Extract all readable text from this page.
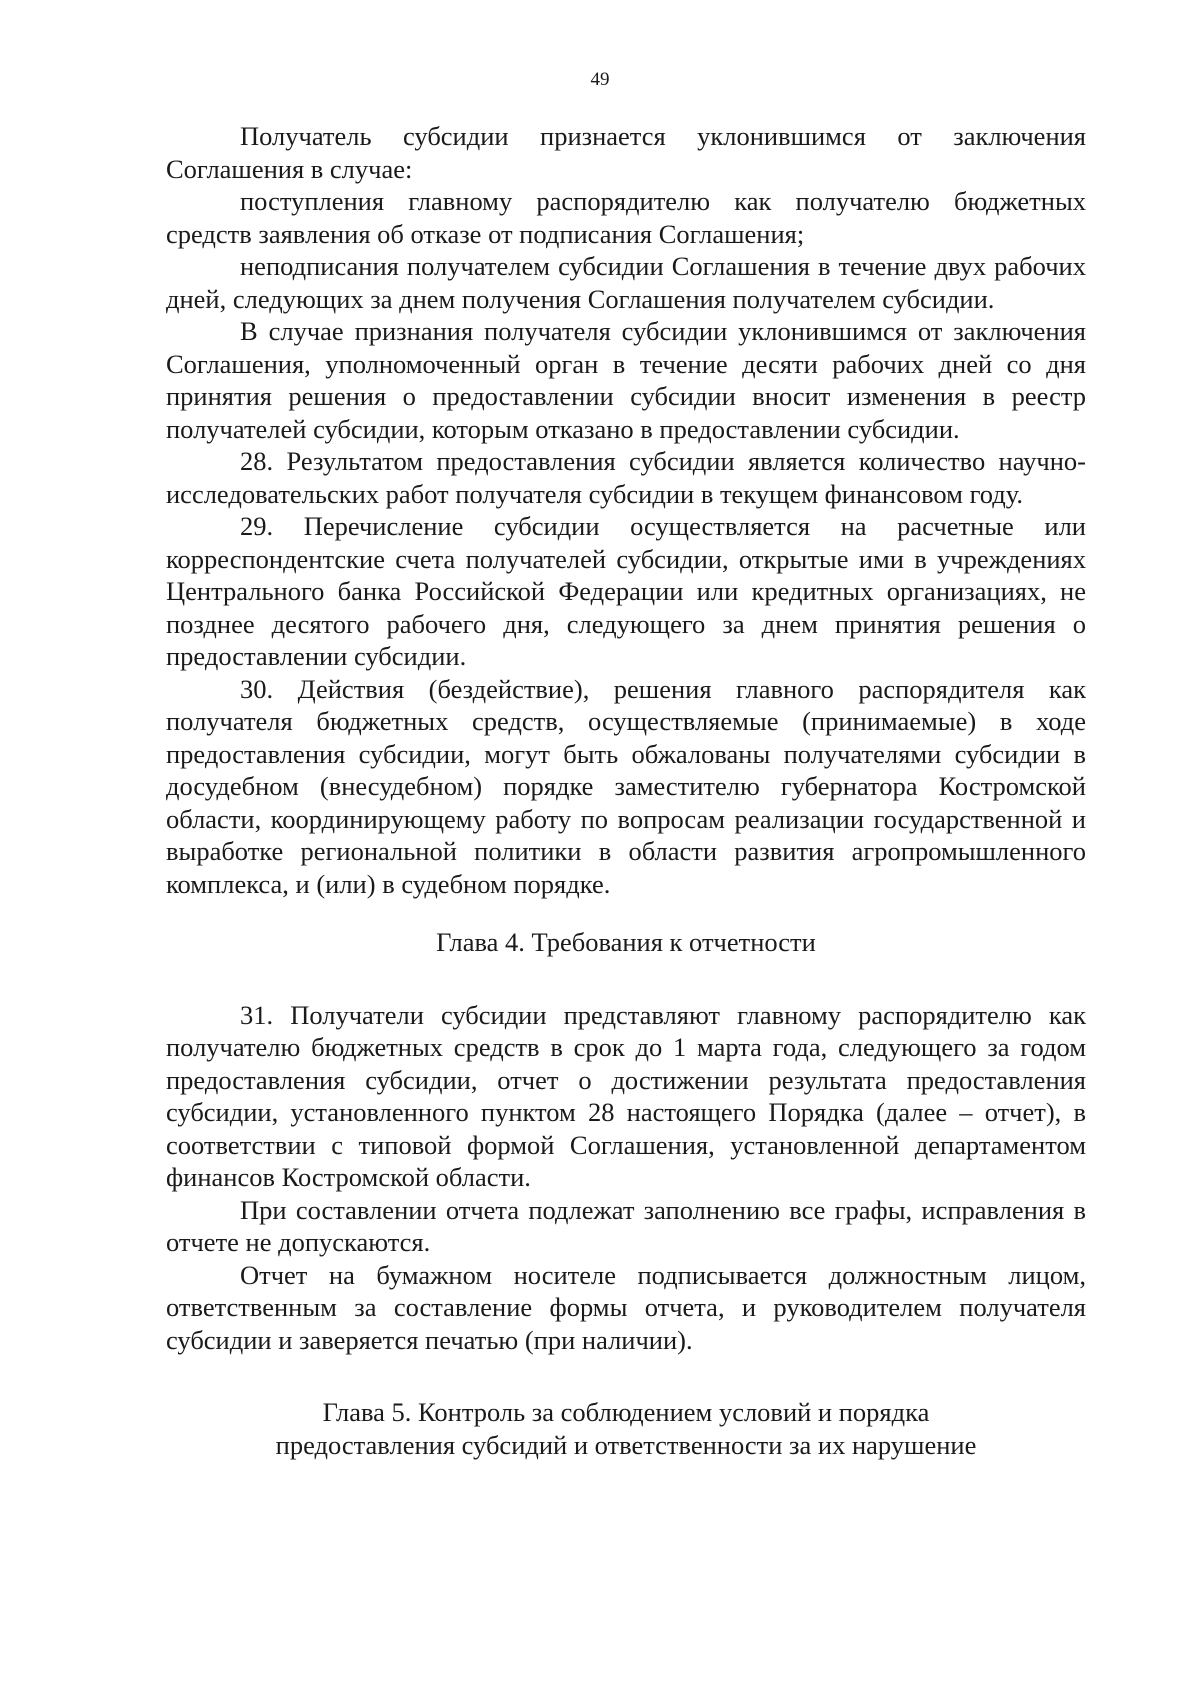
49

Получатель субсидии признается уклонившимся от заключения Соглашения в случае:

поступления главному распорядителю как получателю бюджетных средств заявления об отказе от подписания Соглашения;

неподписания получателем субсидии Соглашения в течение двух рабочих дней, следующих за днем получения Соглашения получателем субсидии.

В случае признания получателя субсидии уклонившимся от заключения Соглашения, уполномоченный орган в течение десяти рабочих дней со дня принятия решения о предоставлении субсидии вносит изменения в реестр получателей субсидии, которым отказано в предоставлении субсидии.

28. Результатом предоставления субсидии является количество научно-исследовательских работ получателя субсидии в текущем финансовом году.

29. Перечисление субсидии осуществляется на расчетные или корреспондентские счета получателей субсидии, открытые ими в учреждениях Центрального банка Российской Федерации или кредитных организациях, не позднее десятого рабочего дня, следующего за днем принятия решения о предоставлении субсидии.

30. Действия (бездействие), решения главного распорядителя как получателя бюджетных средств, осуществляемые (принимаемые) в ходе предоставления субсидии, могут быть обжалованы получателями субсидии в досудебном (внесудебном) порядке заместителю губернатора Костромской области, координирующему работу по вопросам реализации государственной и выработке региональной политики в области развития агропромышленного комплекса, и (или) в судебном порядке.

Глава 4. Требования к отчетности

31. Получатели субсидии представляют главному распорядителю как получателю бюджетных средств в срок до 1 марта года, следующего за годом предоставления субсидии, отчет о достижении результата предоставления субсидии, установленного пунктом 28 настоящего Порядка (далее – отчет), в соответствии с типовой формой Соглашения, установленной департаментом финансов Костромской области.

При составлении отчета подлежат заполнению все графы, исправления в отчете не допускаются.

Отчет на бумажном носителе подписывается должностным лицом, ответственным за составление формы отчета, и руководителем получателя субсидии и заверяется печатью (при наличии).

Глава 5. Контроль за соблюдением условий и порядка предоставления субсидий и ответственности за их нарушение
